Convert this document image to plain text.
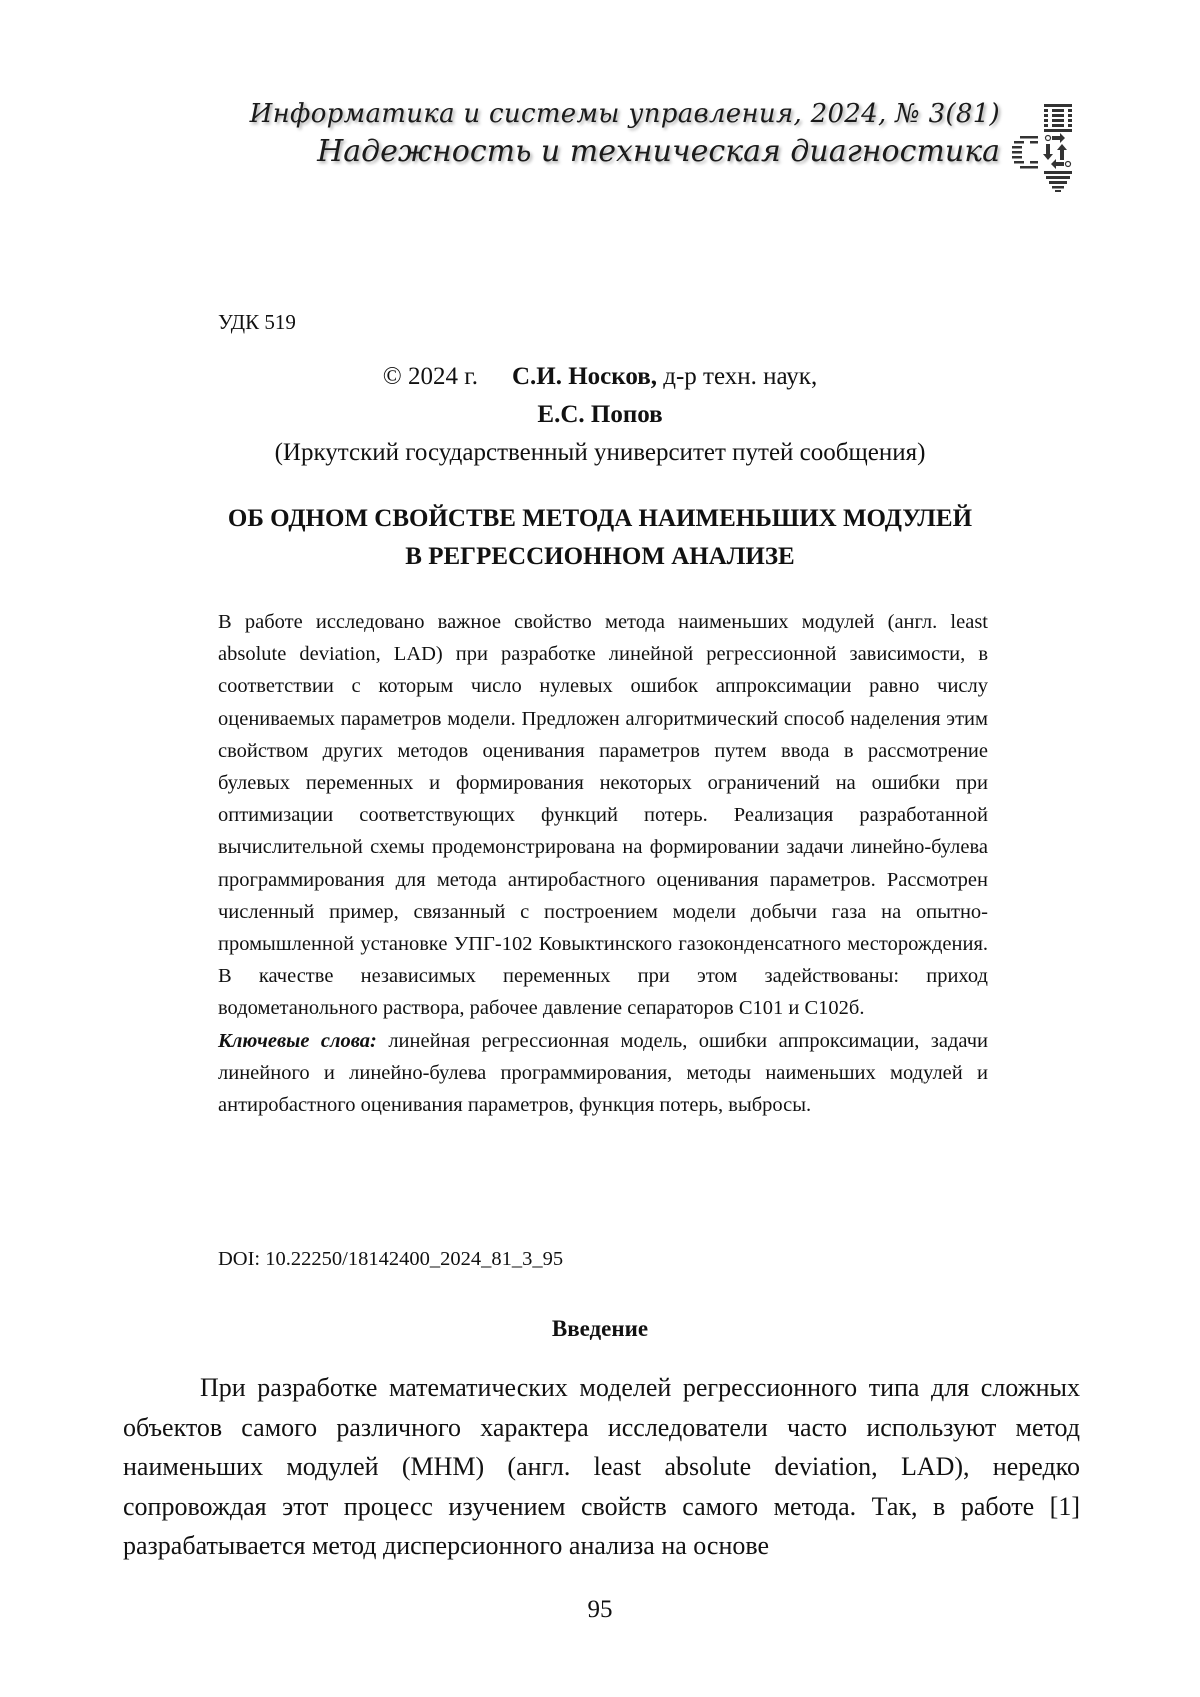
Информатика и системы управления, 2024, № 3(81)
Надежность и техническая диагностика
УДК 519
© 2024 г. С.И. Носков, д-р техн. наук,
Е.С. Попов
(Иркутский государственный университет путей сообщения)
ОБ ОДНОМ СВОЙСТВЕ МЕТОДА НАИМЕНЬШИХ МОДУЛЕЙ
В РЕГРЕССИОННОМ АНАЛИЗЕ

В работе исследовано важное свойство метода наименьших модулей (англ. least absolute deviation, LAD) при разработке линейной регрессионной зависимости, в соответствии с которым число нулевых ошибок аппроксимации равно числу оцениваемых параметров модели. Предложен алгоритмический способ наделения этим свойством других методов оценивания параметров путем ввода в рассмотрение булевых переменных и формирования некоторых ограничений на ошибки при оптимизации соответствующих функций потерь. Реализация разработанной вычислительной схемы продемонстрирована на формировании задачи линейно-булева программирования для метода антиробастного оценивания параметров. Рассмотрен численный пример, связанный с построением модели добычи газа на опытно-промышленной установке УПГ-102 Ковыктинского газоконденсатного месторождения. В качестве независимых переменных при этом задействованы: приход водометанольного раствора, рабочее давление сепараторов С101 и С102б.

Ключевые слова: линейная регрессионная модель, ошибки аппроксимации, задачи линейного и линейно-булева программирования, методы наименьших модулей и антиробастного оценивания параметров, функция потерь, выбросы.

DOI: 10.22250/18142400_2024_81_3_95
Введение

При разработке математических моделей регрессионного типа для сложных объектов самого различного характера исследователи часто используют метод наименьших модулей (МНМ) (англ. least absolute deviation, LAD), нередко сопровождая этот процесс изучением свойств самого метода. Так, в работе [1] разрабатывается метод дисперсионного анализа на основе

95
